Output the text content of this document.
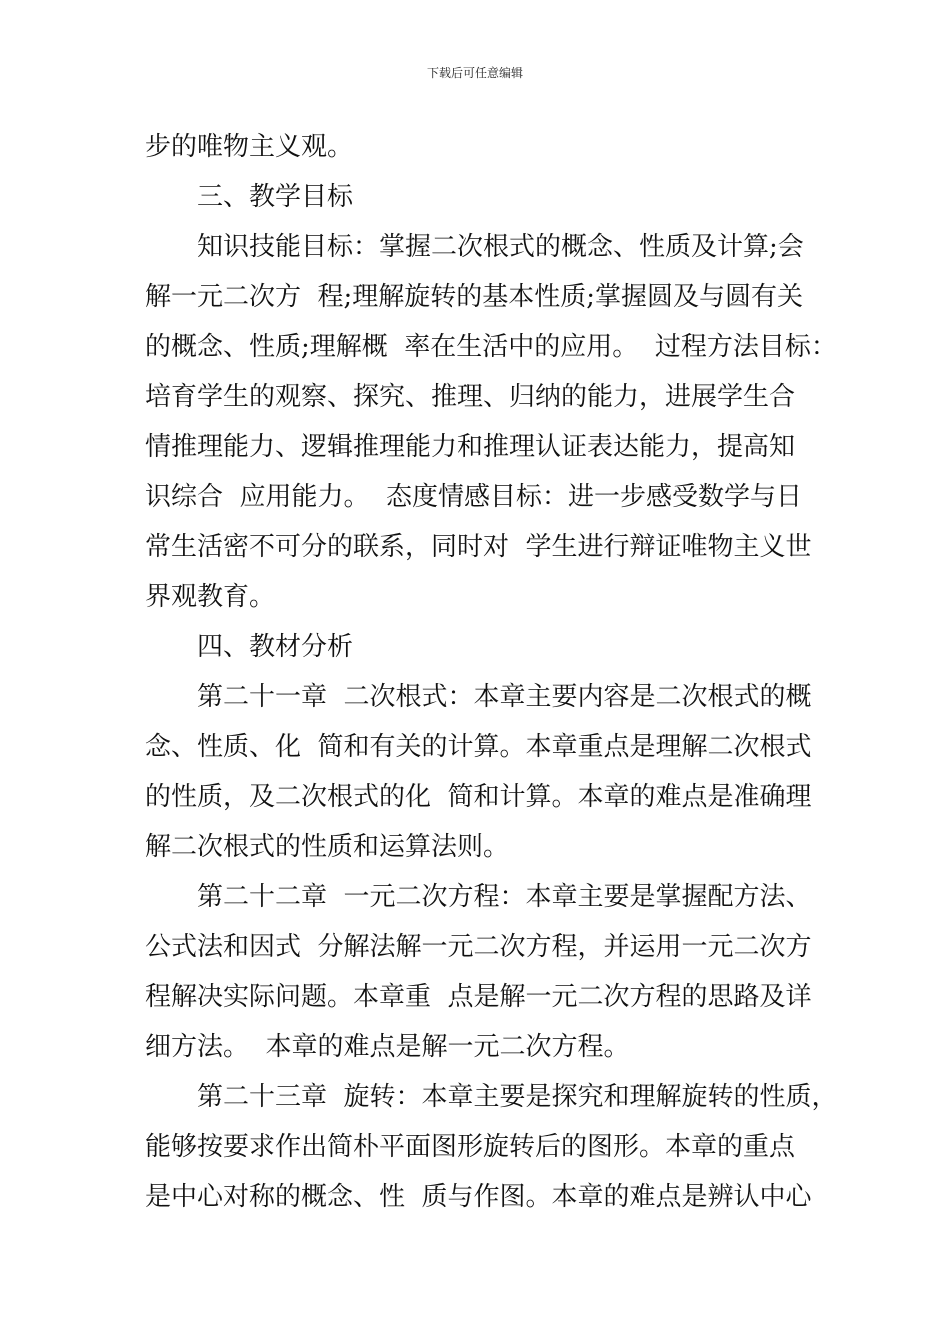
下载后可任意编辑
步的唯物主义观。
三、教学目标
知识技能目标：掌握二次根式的概念、性质及计算;会
解一元二次方  程;理解旋转的基本性质;掌握圆及与圆有关
的概念、性质;理解概  率在生活中的应用。  过程方法目标：
培育学生的观察、探究、推理、归纳的能力，进展学生合
情推理能力、逻辑推理能力和推理认证表达能力，提高知
识综合  应用能力。  态度情感目标：进一步感受数学与日
常生活密不可分的联系，同时对  学生进行辩证唯物主义世
界观教育。
四、教材分析
第二十一章  二次根式：本章主要内容是二次根式的概
念、性质、化  简和有关的计算。本章重点是理解二次根式
的性质，及二次根式的化  简和计算。本章的难点是准确理
解二次根式的性质和运算法则。
第二十二章  一元二次方程：本章主要是掌握配方法、
公式法和因式  分解法解一元二次方程，并运用一元二次方
程解决实际问题。本章重  点是解一元二次方程的思路及详
细方法。  本章的难点是解一元二次方程。
第二十三章  旋转：本章主要是探究和理解旋转的性质，
能够按要求作出简朴平面图形旋转后的图形。本章的重点
是中心对称的概念、性  质与作图。本章的难点是辨认中心
